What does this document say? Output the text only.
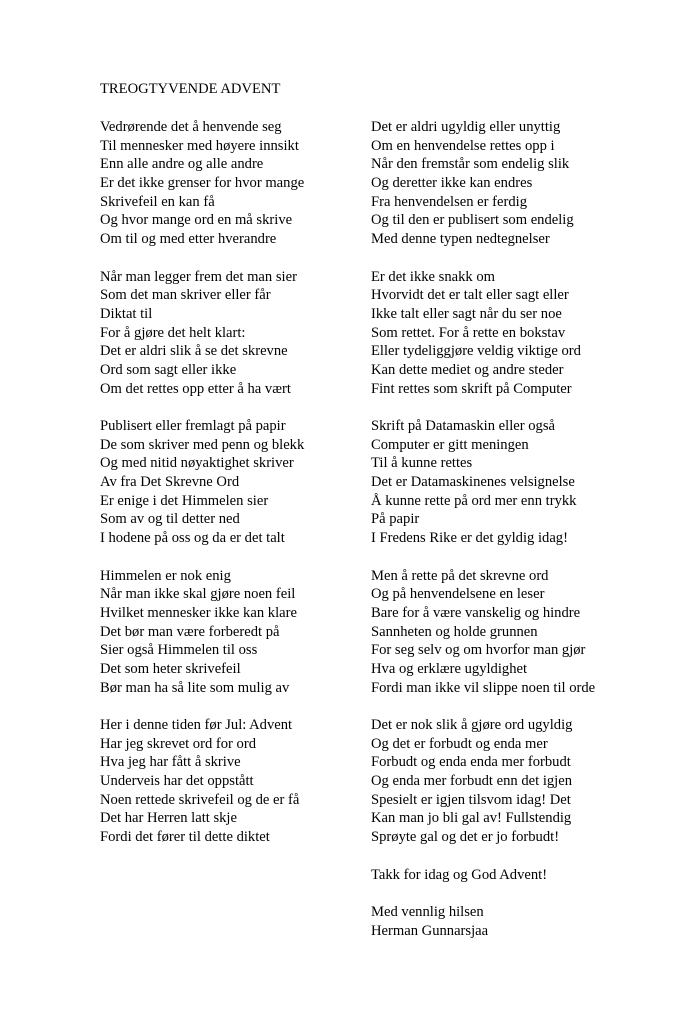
TREOGTYVENDE ADVENT
Vedrørende det å henvende seg
Til mennesker med høyere innsikt
Enn alle andre og alle andre
Er det ikke grenser for hvor mange
Skrivefeil en kan få
Og hvor mange ord en må skrive
Om til og med etter hverandre
Når man legger frem det man sier
Som det man skriver eller får
Diktat til
For å gjøre det helt klart:
Det er aldri slik å se det skrevne
Ord som sagt eller ikke
Om det rettes opp etter å ha vært
Publisert eller fremlagt på papir
De som skriver med penn og blekk
Og med nitid nøyaktighet skriver
Av fra Det Skrevne Ord
Er enige i det Himmelen sier
Som av og til detter ned
I hodene på oss og da er det talt
Himmelen er nok enig
Når man ikke skal gjøre noen feil
Hvilket mennesker ikke kan klare
Det bør man være forberedt på
Sier også Himmelen til oss
Det som heter skrivefeil
Bør man ha så lite som mulig av
Her i denne tiden før Jul: Advent
Har jeg skrevet ord for ord
Hva jeg har fått å skrive
Underveis har det oppstått
Noen rettede skrivefeil og de er få
Det har Herren latt skje
Fordi det fører til dette diktet
Det er aldri ugyldig eller unyttig
Om en henvendelse rettes opp i
Når den fremstår som endelig slik
Og deretter ikke kan endres
Fra henvendelsen er ferdig
Og til den er publisert som endelig
Med denne typen nedtegnelser
Er det ikke snakk om
Hvorvidt det er talt eller sagt eller
Ikke talt eller sagt når du ser noe
Som rettet. For å rette en bokstav
Eller tydeliggjøre veldig viktige ord
Kan dette mediet og andre steder
Fint rettes som skrift på Computer
Skrift på Datamaskin eller også
Computer er gitt meningen
Til å kunne rettes
Det er Datamaskinenes velsignelse
Å kunne rette på ord mer enn trykk
På papir
I Fredens Rike er det gyldig idag!
Men å rette på det skrevne ord
Og på henvendelsene en leser
Bare for å være vanskelig og hindre
Sannheten og holde grunnen
For seg selv og om hvorfor man gjør
Hva og erklære ugyldighet
Fordi man ikke vil slippe noen til orde
Det er nok slik å gjøre ord ugyldig
Og det er forbudt og enda mer
Forbudt og enda enda mer forbudt
Og enda mer forbudt enn det igjen
Spesielt er igjen tilsvom idag! Det
Kan man jo bli gal av! Fullstendig
Sprøyte gal og det er jo forbudt!
Takk for idag og God Advent!
Med vennlig hilsen
Herman Gunnarsjaa
